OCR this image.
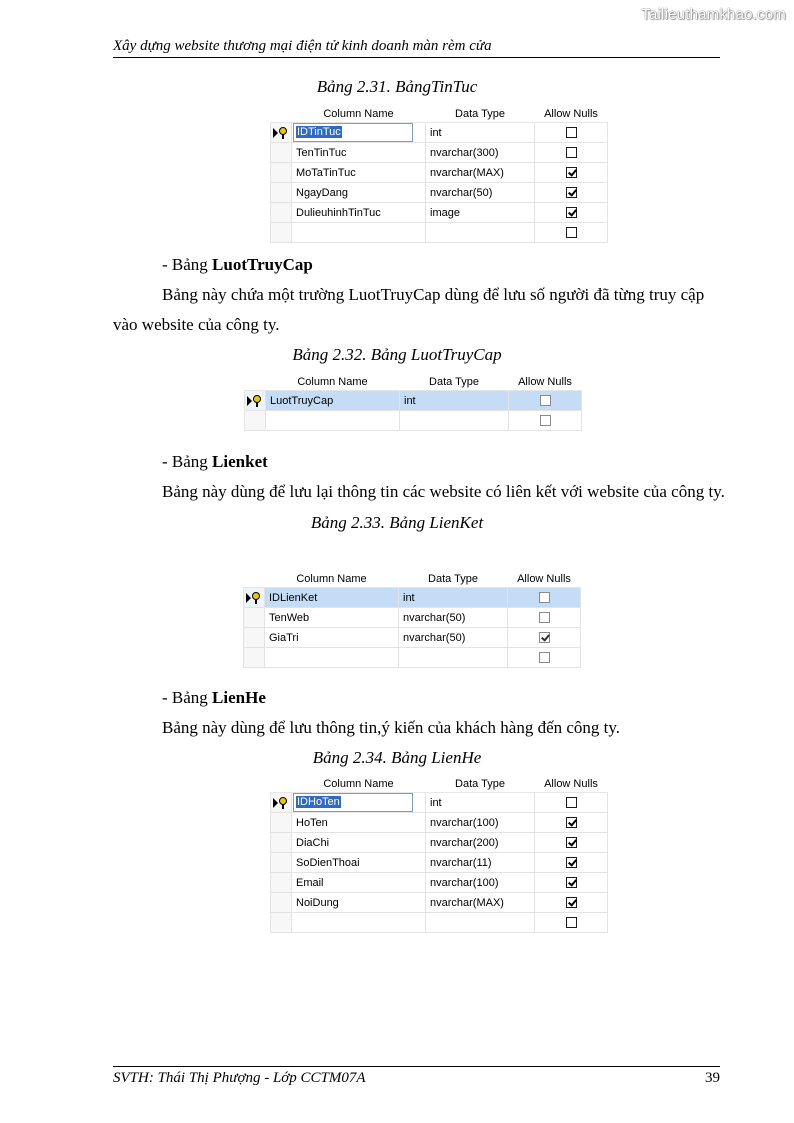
Tailieuthamkhao.com
Xây dựng website thương mại điện tử kinh doanh màn rèm cửa
Bảng 2.31. BảngTinTuc
	Column Name	Data Type	Allow Nulls

	IDTinTuc	int	
	TenTinTuc	nvarchar(300)	
	MoTaTinTuc	nvarchar(MAX)	
	NgayDang	nvarchar(50)	
	DulieuhinhTinTuc	image	

- Bảng LuotTruyCap
Bảng này chứa một trường LuotTruyCap dùng để lưu số người đã từng truy cập
vào website của công ty.
Bảng 2.32. Bảng LuotTruyCap
	Column Name	Data Type	Allow Nulls

	LuotTruyCap	int	

- Bảng Lienket
Bảng này dùng để lưu lại thông tin các website có liên kết với website của công ty.
Bảng 2.33. Bảng LienKet
	Column Name	Data Type	Allow Nulls

	IDLienKet	int	
	TenWeb	nvarchar(50)	
	GiaTri	nvarchar(50)	

- Bảng LienHe
Bảng này dùng để lưu thông tin,ý kiến của khách hàng đến công ty.
Bảng 2.34. Bảng LienHe
	Column Name	Data Type	Allow Nulls

	IDHoTen	int	
	HoTen	nvarchar(100)	
	DiaChi	nvarchar(200)	
	SoDienThoai	nvarchar(11)	
	Email	nvarchar(100)	
	NoiDung	nvarchar(MAX)	

SVTH: Thái Thị Phượng - Lớp CCTM07A	39
